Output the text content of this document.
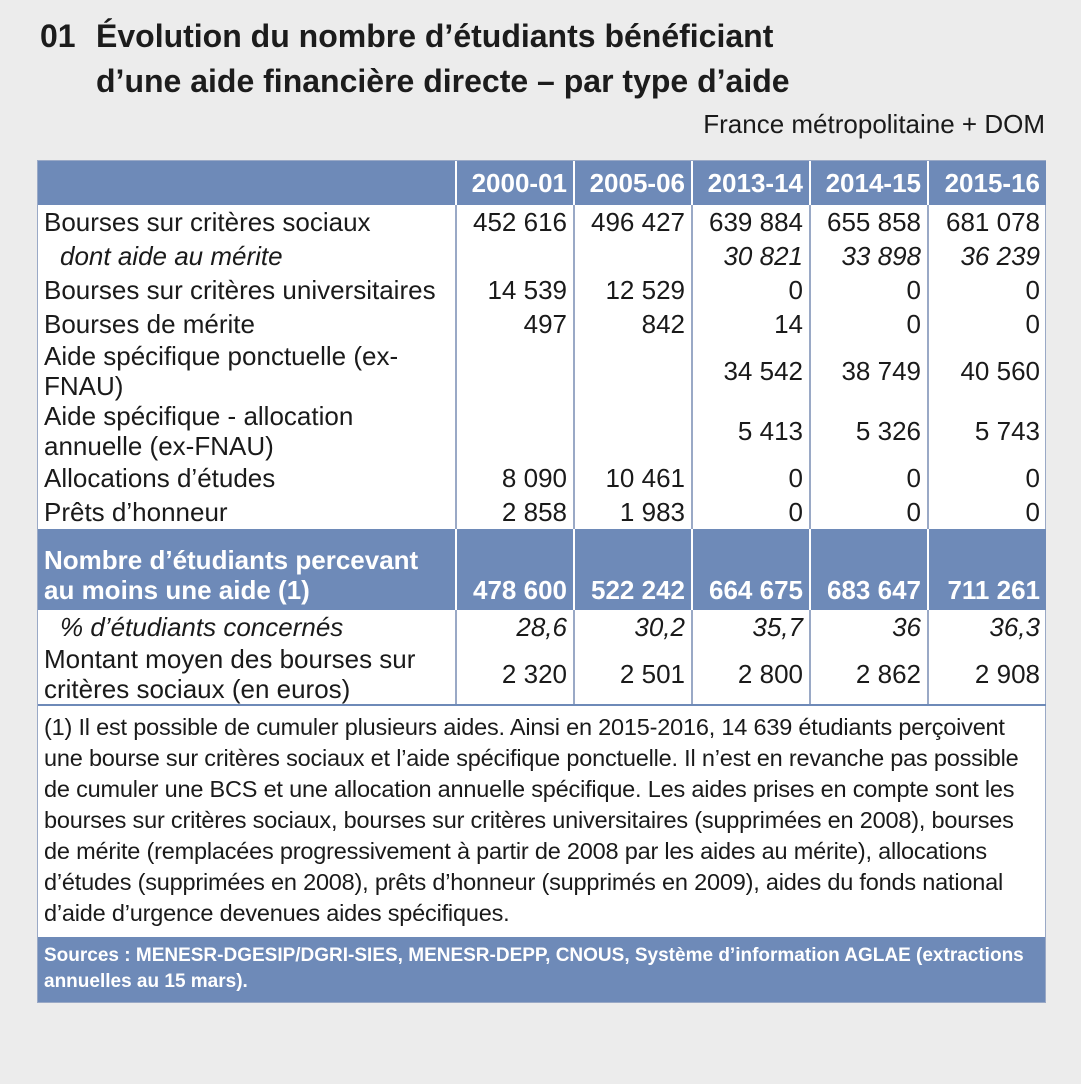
01 Évolution du nombre d’étudiants bénéficiant
d’une aide financière directe – par type d’aide
France métropolitaine + DOM
	2000-01	2005-06	2013-14	2014-15	2015-16
Bourses sur critères sociaux	452 616	496 427	639 884	655 858	681 078
dont aide au mérite			30 821	33 898	36 239
Bourses sur critères universitaires	14 539	12 529	0	0	0
Bourses de mérite	497	842	14	0	0
Aide spécifique ponctuelle (ex-FNAU)			34 542	38 749	40 560
Aide spécifique - allocation annuelle (ex-FNAU)			5 413	5 326	5 743
Allocations d’études	8 090	10 461	0	0	0
Prêts d’honneur	2 858	1 983	0	0	0
Nombre d’étudiants percevant au moins une aide (1)	478 600	522 242	664 675	683 647	711 261
% d’étudiants concernés	28,6	30,2	35,7	36	36,3
Montant moyen des bourses sur critères sociaux (en euros)	2 320	2 501	2 800	2 862	2 908
(1) Il est possible de cumuler plusieurs aides. Ainsi en 2015-2016, 14 639 étudiants perçoivent une bourse sur critères sociaux et l’aide spécifique ponctuelle. Il n’est en revanche pas possible de cumuler une BCS et une allocation annuelle spécifique. Les aides prises en compte sont les bourses sur critères sociaux, bourses sur critères universitaires (supprimées en 2008), bourses de mérite (remplacées progressivement à partir de 2008 par les aides au mérite), allocations d’études (supprimées en 2008), prêts d’honneur (supprimés en 2009), aides du fonds national d’aide d’urgence devenues aides spécifiques.
Sources : MENESR-DGESIP/DGRI-SIES, MENESR-DEPP, CNOUS, Système d’information AGLAE (extractions annuelles au 15 mars).
